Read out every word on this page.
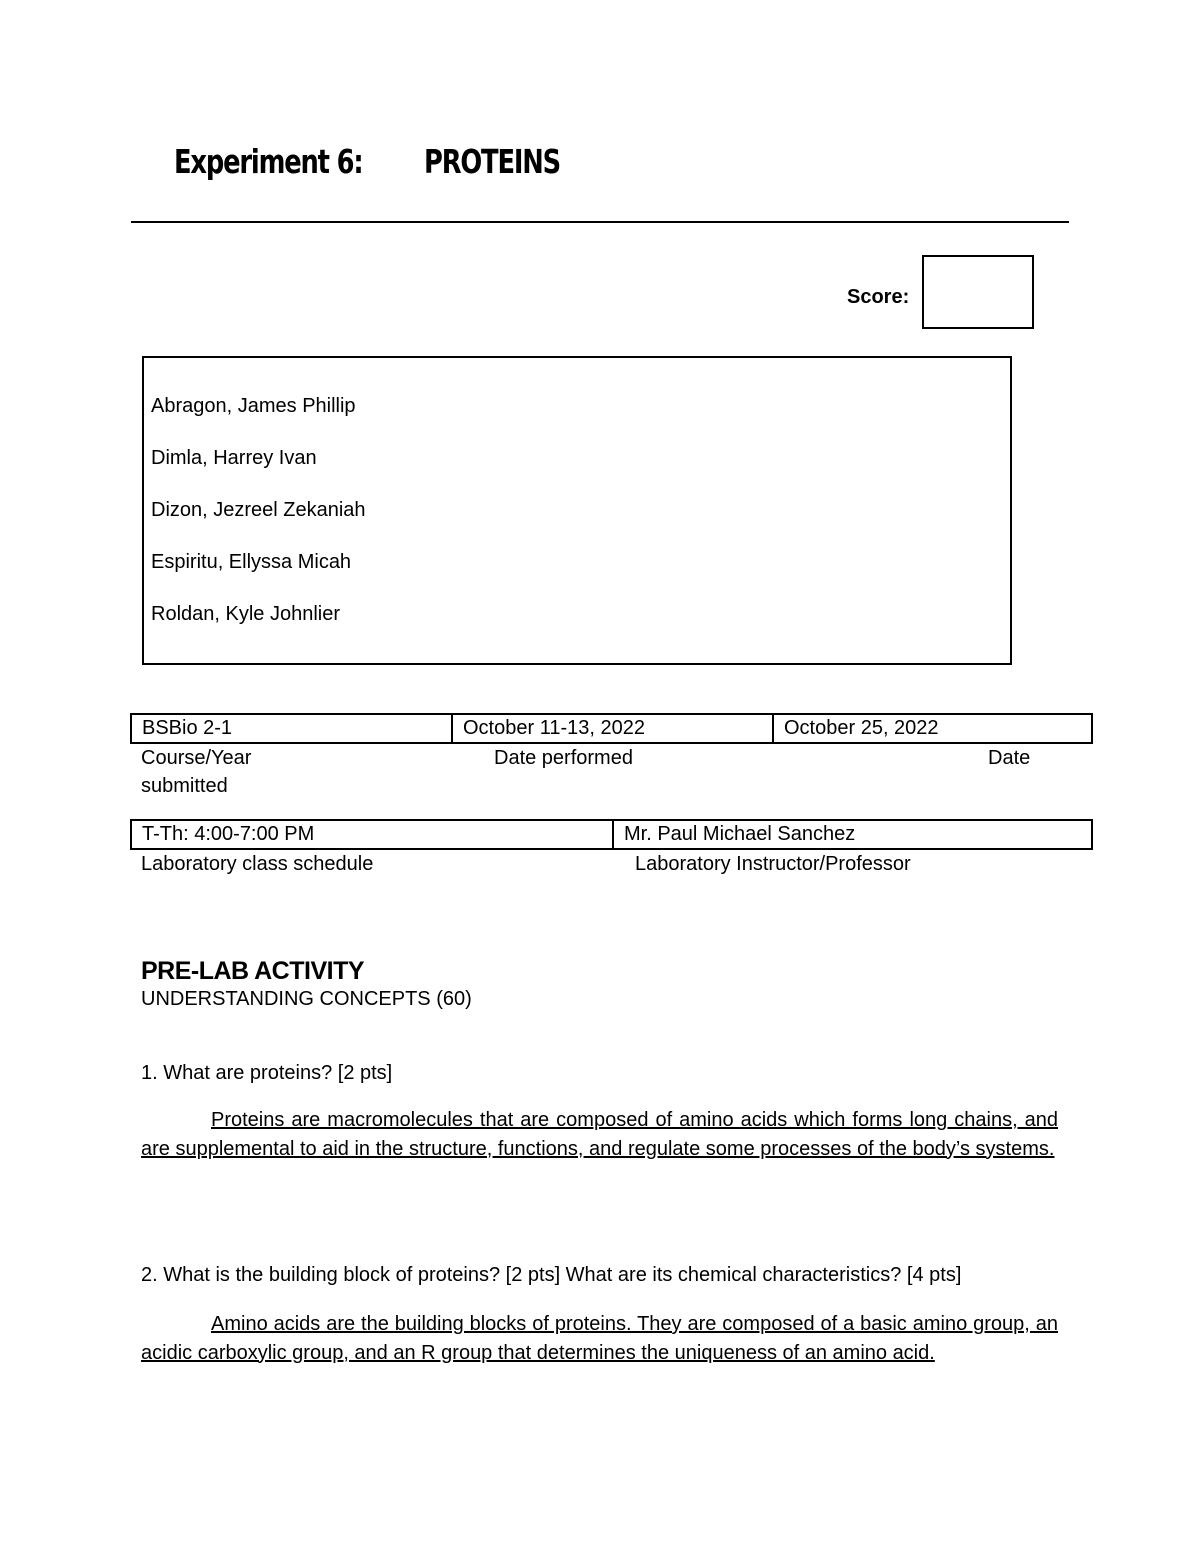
Experiment 6: PROTEINS
Score:
Abragon, James Phillip
Dimla, Harrey Ivan
Dizon, Jezreel Zekaniah
Espiritu, Ellyssa Micah
Roldan, Kyle Johnlier
BSBio 2-1	October 11-13, 2022	October 25, 2022
Course/Year	Date performed	Date
submitted
T-Th: 4:00-7:00 PM	Mr. Paul Michael Sanchez
Laboratory class schedule	Laboratory Instructor/Professor
PRE-LAB ACTIVITY
UNDERSTANDING CONCEPTS (60)
1. What are proteins? [2 pts]
Proteins are macromolecules that are composed of amino acids which forms long chains, and are supplemental to aid in the structure, functions, and regulate some processes of the body’s systems.
2. What is the building block of proteins? [2 pts] What are its chemical characteristics? [4 pts]
Amino acids are the building blocks of proteins. They are composed of a basic amino group, an acidic carboxylic group, and an R group that determines the uniqueness of an amino acid.
